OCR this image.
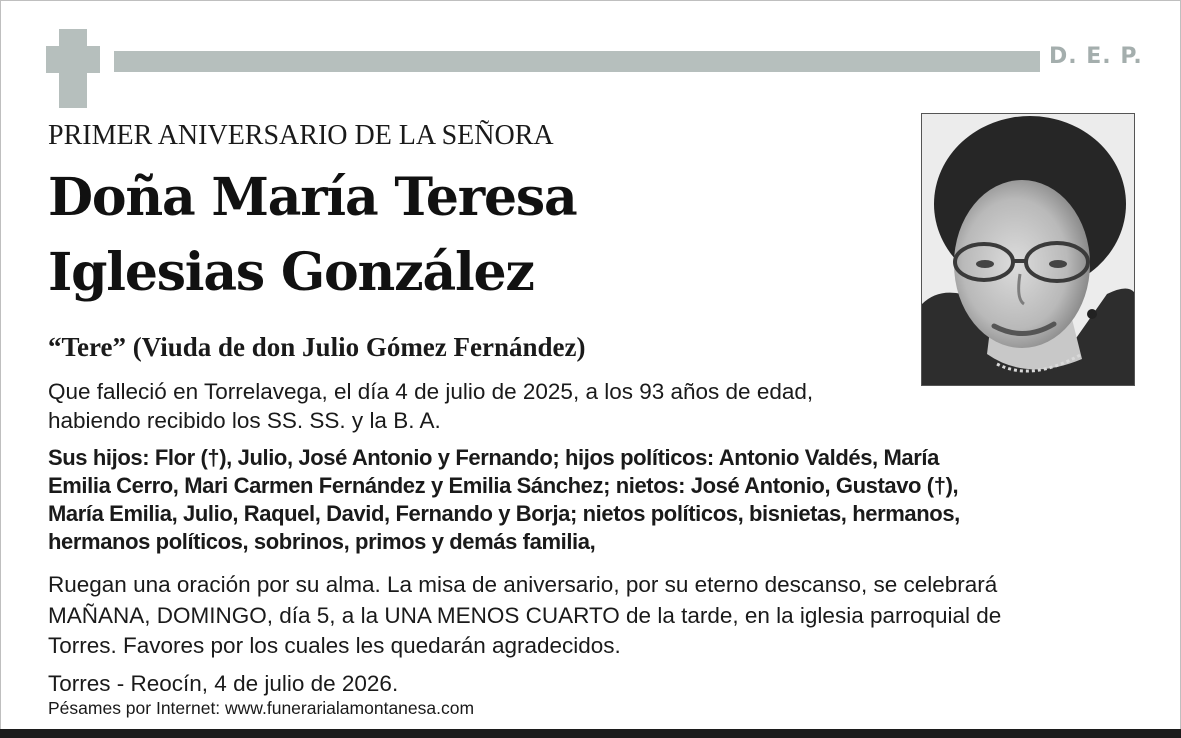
D. E. P.
PRIMER ANIVERSARIO DE LA SEÑORA
Doña María Teresa
Iglesias González
“Tere” (Viuda de don Julio Gómez Fernández)
Que falleció en Torrelavega, el día 4 de julio de 2025, a los 93 años de edad,
habiendo recibido los SS. SS. y la B. A.
Sus hijos: Flor (†), Julio, José Antonio y Fernando; hijos políticos: Antonio Valdés, María
Emilia Cerro, Mari Carmen Fernández y Emilia Sánchez; nietos: José Antonio, Gustavo (†),
María Emilia, Julio, Raquel, David, Fernando y Borja; nietos políticos, bisnietas, hermanos,
hermanos políticos, sobrinos, primos y demás familia,
Ruegan una oración por su alma. La misa de aniversario, por su eterno descanso, se celebrará
MAÑANA, DOMINGO, día 5, a la UNA MENOS CUARTO de la tarde, en la iglesia parroquial de
Torres. Favores por los cuales les quedarán agradecidos.
Torres - Reocín, 4 de julio de 2026.
Pésames por Internet: www.funerarialamontanesa.com
